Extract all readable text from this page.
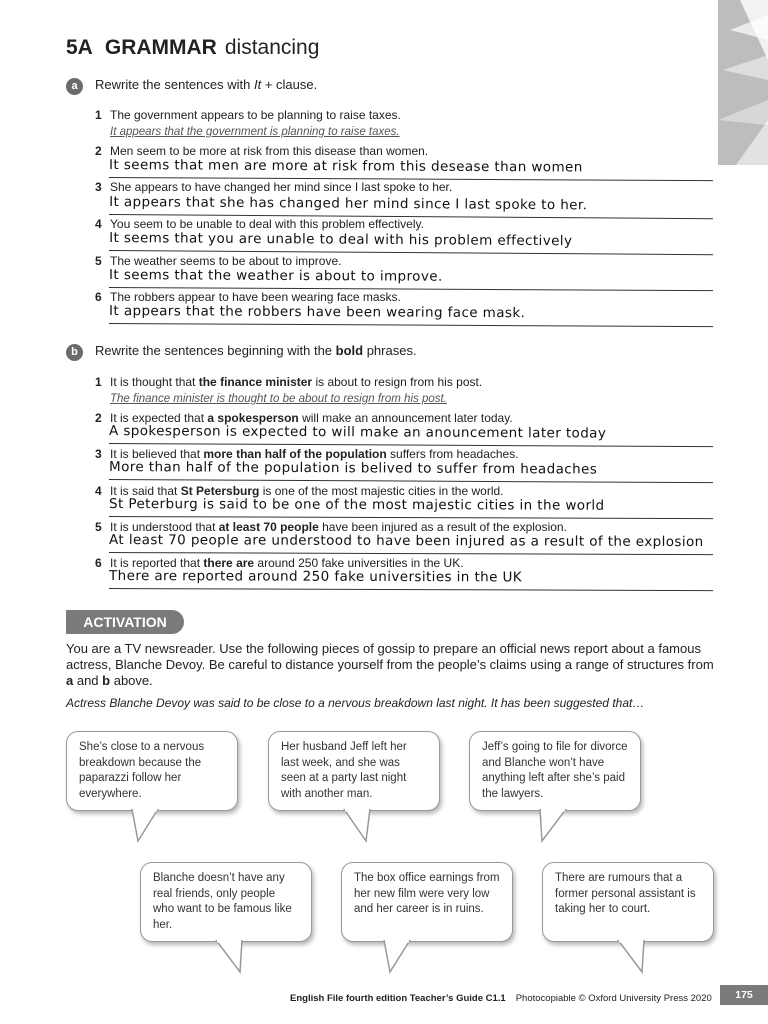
5A GRAMMAR distancing
a	Rewrite the sentences with It + clause.
1 The government appears to be planning to raise taxes.
It appears that the government is planning to raise taxes.
2 Men seem to be more at risk from this disease than women.
It seems that men are more at risk from this desease than women
3 She appears to have changed her mind since I last spoke to her.
It appears that she has changed her mind since I last spoke to her.
4 You seem to be unable to deal with this problem effectively.
It seems that you are unable to deal with his problem effectively
5 The weather seems to be about to improve.
It seems that the weather is about to improve.
6 The robbers appear to have been wearing face masks.
It appears that the robbers have been wearing face mask.
b	Rewrite the sentences beginning with the bold phrases.
1 It is thought that the finance minister is about to resign from his post.
The finance minister is thought to be about to resign from his post.
2 It is expected that a spokesperson will make an announcement later today.
A spokesperson is expected to will make an anouncement later today
3 It is believed that more than half of the population suffers from headaches.
More than half of the population is belived to suffer from headaches
4 It is said that St Petersburg is one of the most majestic cities in the world.
St Peterburg is said to be one of the most majestic cities in the world
5 It is understood that at least 70 people have been injured as a result of the explosion.
At least 70 people are understood to have been injured as a result of the explosion
6 It is reported that there are around 250 fake universities in the UK.
There are reported around 250 fake universities in the UK
ACTIVATION
You are a TV newsreader. Use the following pieces of gossip to prepare an official news report about a famous actress, Blanche Devoy. Be careful to distance yourself from the people’s claims using a range of structures from a and b above.
Actress Blanche Devoy was said to be close to a nervous breakdown last night. It has been suggested that…
She’s close to a nervous breakdown because the paparazzi follow her everywhere.
Her husband Jeff left her last week, and she was seen at a party last night with another man.
Jeff’s going to file for divorce and Blanche won’t have anything left after she’s paid the lawyers.
Blanche doesn’t have any real friends, only people who want to be famous like her.
The box office earnings from her new film were very low and her career is in ruins.
There are rumours that a former personal assistant is taking her to court.
English File fourth edition Teacher’s Guide C1.1 Photocopiable © Oxford University Press 2020	175
